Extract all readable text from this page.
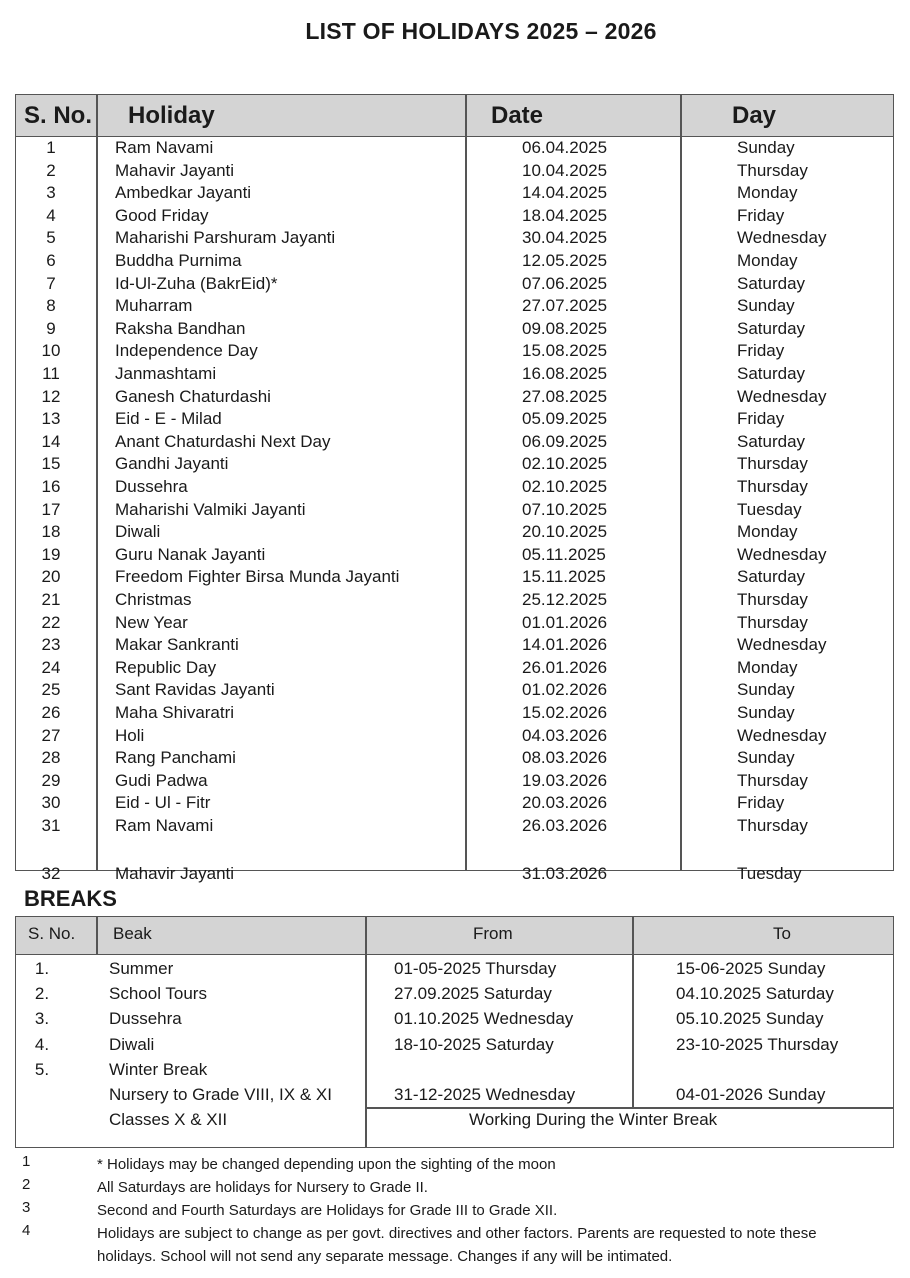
LIST OF HOLIDAYS 2025 – 2026
S. No. Holiday	Date	Day
1	Ram Navami	06.04.2025	Sunday
2	Mahavir Jayanti	10.04.2025	Thursday
3	Ambedkar Jayanti	14.04.2025	Monday
4	Good Friday	18.04.2025	Friday
5	Maharishi Parshuram Jayanti	30.04.2025	Wednesday
6	Buddha Purnima	12.05.2025	Monday
7	Id-Ul-Zuha (BakrEid)*	07.06.2025	Saturday
8	Muharram	27.07.2025	Sunday
9	Raksha Bandhan	09.08.2025	Saturday
10	Independence Day	15.08.2025	Friday
11	Janmashtami	16.08.2025	Saturday
12	Ganesh Chaturdashi	27.08.2025	Wednesday
13	Eid - E - Milad	05.09.2025	Friday
14	Anant Chaturdashi Next Day	06.09.2025	Saturday
15	Gandhi Jayanti	02.10.2025	Thursday
16	Dussehra	02.10.2025	Thursday
17	Maharishi Valmiki Jayanti	07.10.2025	Tuesday
18	Diwali	20.10.2025	Monday
19	Guru Nanak Jayanti	05.11.2025	Wednesday
20	Freedom Fighter Birsa Munda Jayanti	15.11.2025	Saturday
21	Christmas	25.12.2025	Thursday
22	New Year	01.01.2026	Thursday
23	Makar Sankranti	14.01.2026	Wednesday
24	Republic Day	26.01.2026	Monday
25	Sant Ravidas Jayanti	01.02.2026	Sunday
26	Maha Shivaratri	15.02.2026	Sunday
27	Holi	04.03.2026	Wednesday
28	Rang Panchami	08.03.2026	Sunday
29	Gudi Padwa	19.03.2026	Thursday
30	Eid - Ul - Fitr	20.03.2026	Friday
31	Ram Navami	26.03.2026	Thursday
32	Mahavir Jayanti	31.03.2026	Tuesday
BREAKS
S. No. Beak	From	To
1.	Summer	01-05-2025 Thursday	15-06-2025 Sunday
2.	School Tours	27.09.2025 Saturday	04.10.2025 Saturday
3.	Dussehra	01.10.2025 Wednesday	05.10.2025 Sunday
4.	Diwali	18-10-2025 Saturday	23-10-2025 Thursday
5.	Winter Break
Nursery to Grade VIII, IX & XI	31-12-2025 Wednesday	04-01-2026 Sunday
Classes X & XII	Working During the Winter Break
1	* Holidays may be changed depending upon the sighting of the moon
2	All Saturdays are holidays for Nursery to Grade II.
3	Second and Fourth Saturdays are Holidays for Grade III to Grade XII.
4	Holidays are subject to change as per govt. directives and other factors. Parents are requested to note these holidays. School will not send any separate message. Changes if any will be intimated.
